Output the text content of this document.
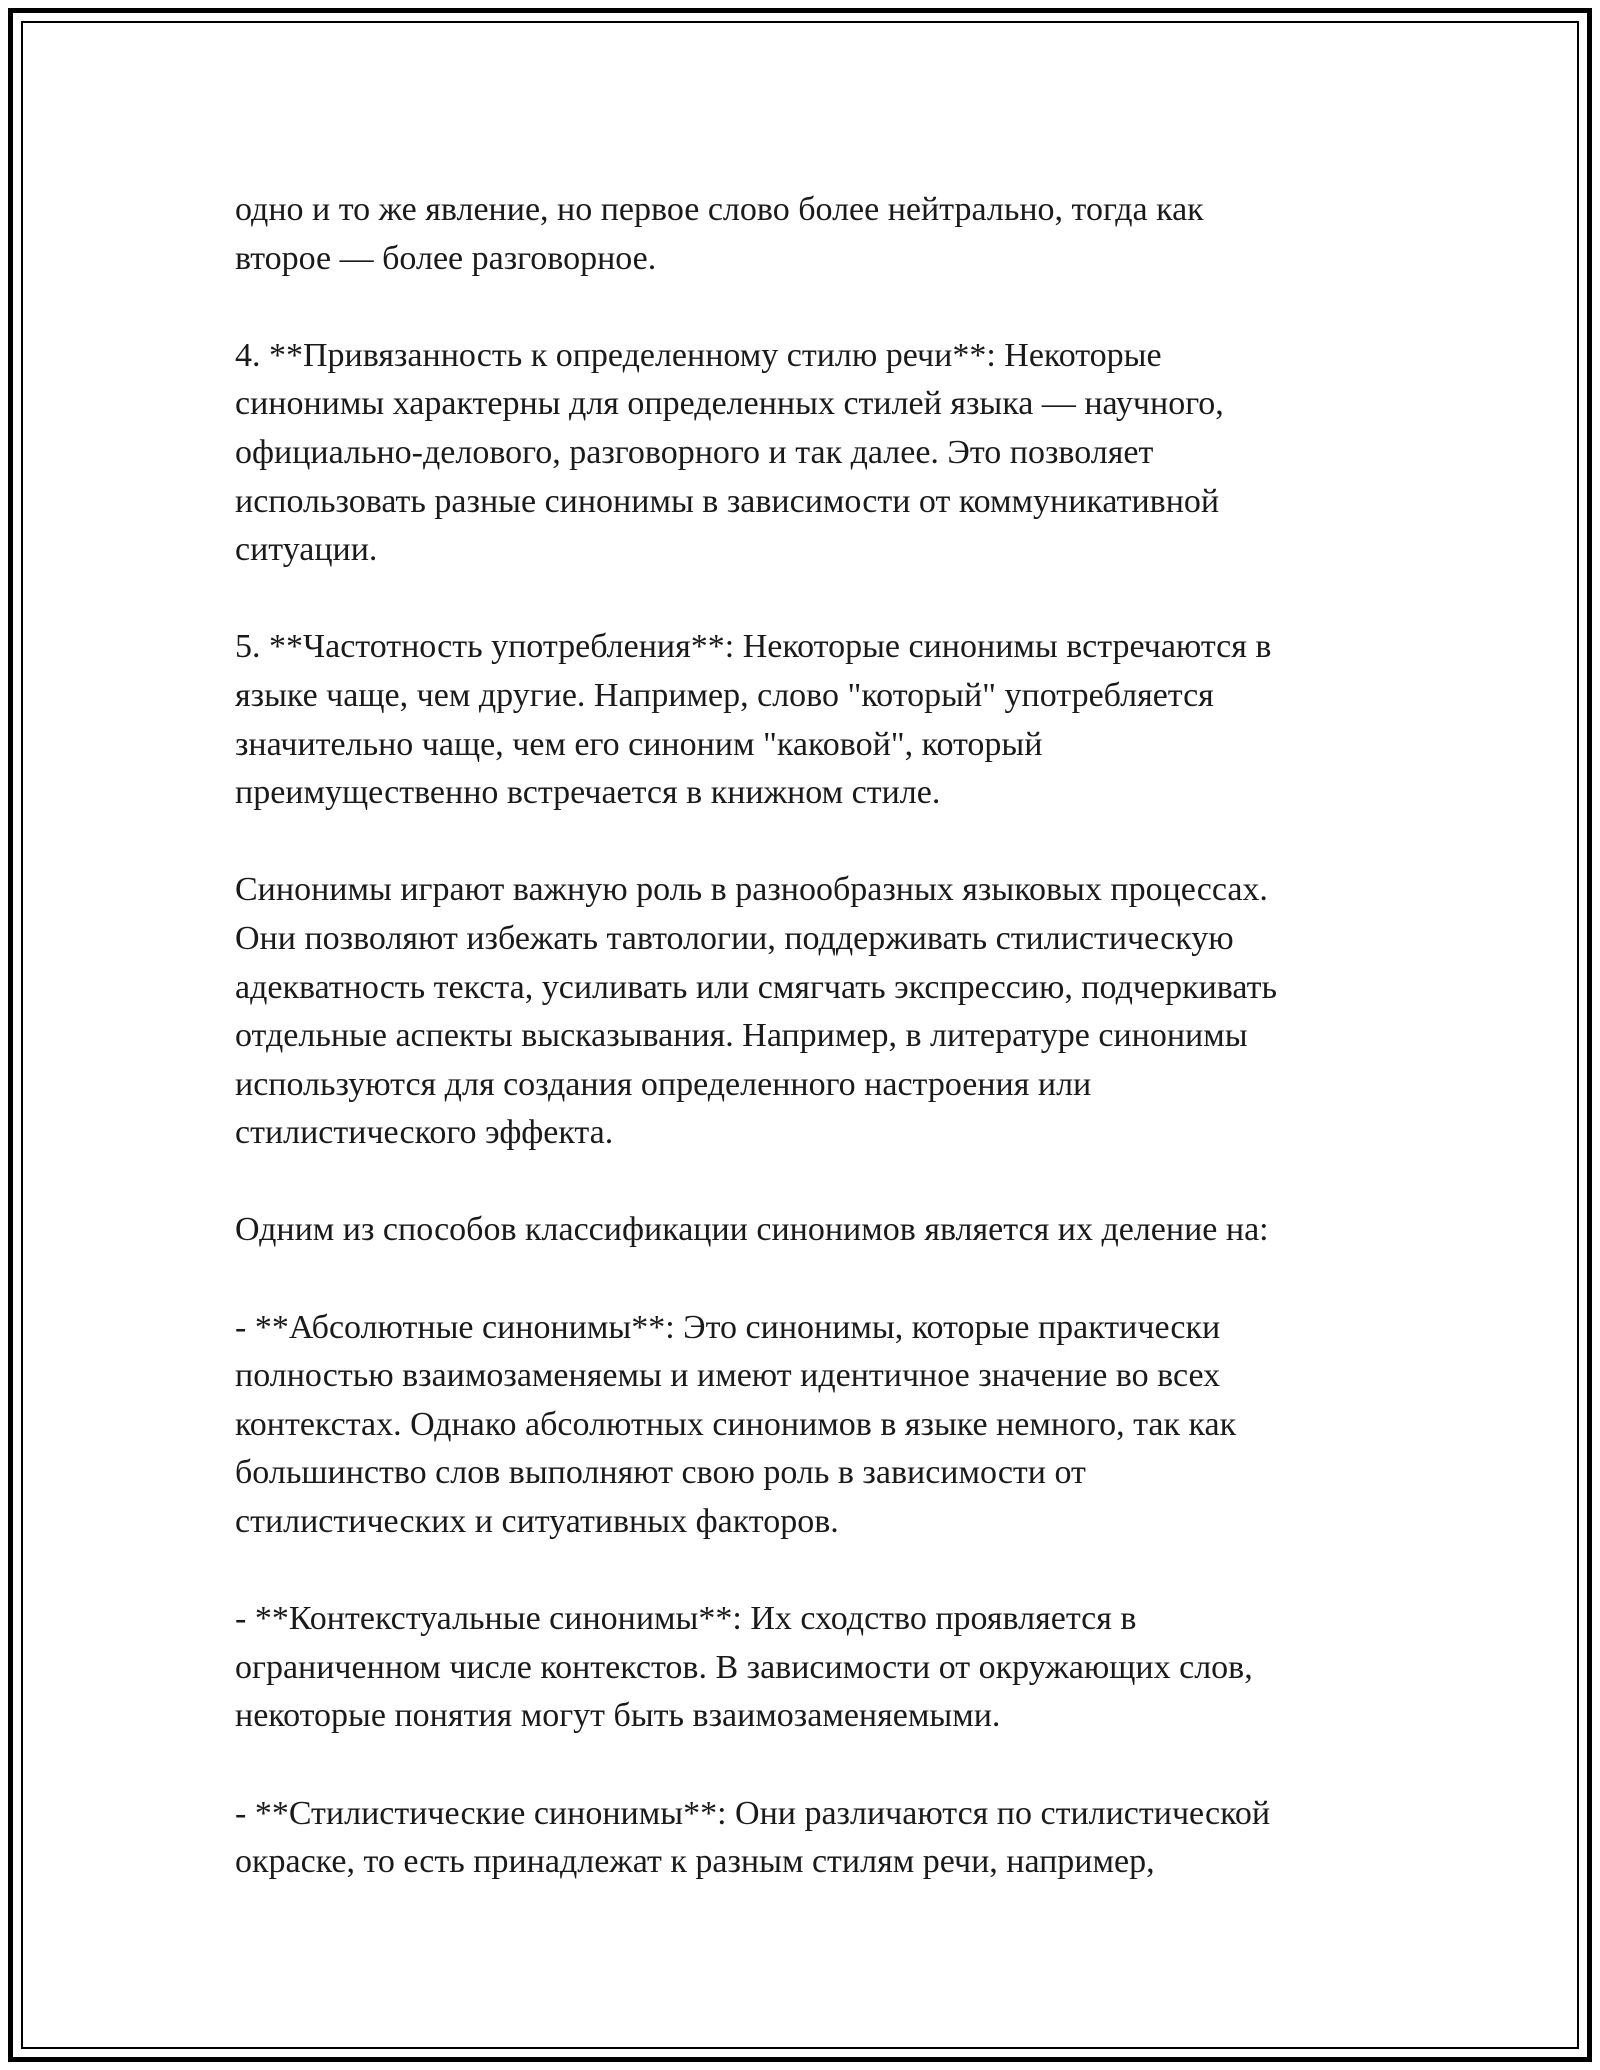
одно и то же явление, но первое слово более нейтрально, тогда как
второе — более разговорное.

4. **Привязанность к определенному стилю речи**: Некоторые
синонимы характерны для определенных стилей языка — научного,
официально-делового, разговорного и так далее. Это позволяет
использовать разные синонимы в зависимости от коммуникативной
ситуации.

5. **Частотность употребления**: Некоторые синонимы встречаются в
языке чаще, чем другие. Например, слово "который" употребляется
значительно чаще, чем его синоним "каковой", который
преимущественно встречается в книжном стиле.

Синонимы играют важную роль в разнообразных языковых процессах.
Они позволяют избежать тавтологии, поддерживать стилистическую
адекватность текста, усиливать или смягчать экспрессию, подчеркивать
отдельные аспекты высказывания. Например, в литературе синонимы
используются для создания определенного настроения или
стилистического эффекта.

Одним из способов классификации синонимов является их деление на:

- **Абсолютные синонимы**: Это синонимы, которые практически
полностью взаимозаменяемы и имеют идентичное значение во всех
контекстах. Однако абсолютных синонимов в языке немного, так как
большинство слов выполняют свою роль в зависимости от
стилистических и ситуативных факторов.

- **Контекстуальные синонимы**: Их сходство проявляется в
ограниченном числе контекстов. В зависимости от окружающих слов,
некоторые понятия могут быть взаимозаменяемыми.

- **Стилистические синонимы**: Они различаются по стилистической
окраске, то есть принадлежат к разным стилям речи, например,
